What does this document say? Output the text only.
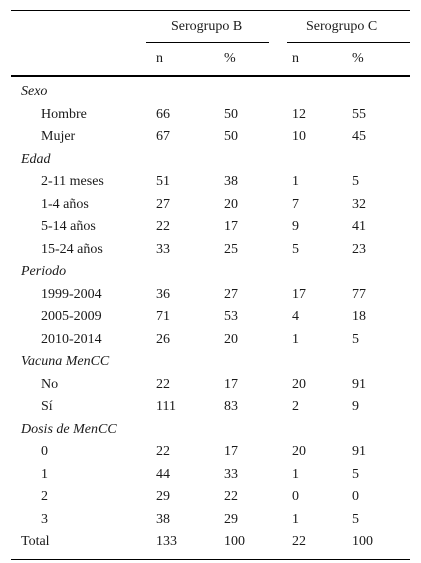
Serogrupo B	Serogrupo C
n	%	n	%
Sexo
Hombre	66	50	12	55
Mujer	67	50	10	45
Edad
2-11 meses	51	38	1	5
1-4 años	27	20	7	32
5-14 años	22	17	9	41
15-24 años	33	25	5	23
Periodo
1999-2004	36	27	17	77
2005-2009	71	53	4	18
2010-2014	26	20	1	5
Vacuna MenCC
No	22	17	20	91
Sí	111	83	2	9
Dosis de MenCC
0	22	17	20	91
1	44	33	1	5
2	29	22	0	0
3	38	29	1	5
Total	133	100	22	100
